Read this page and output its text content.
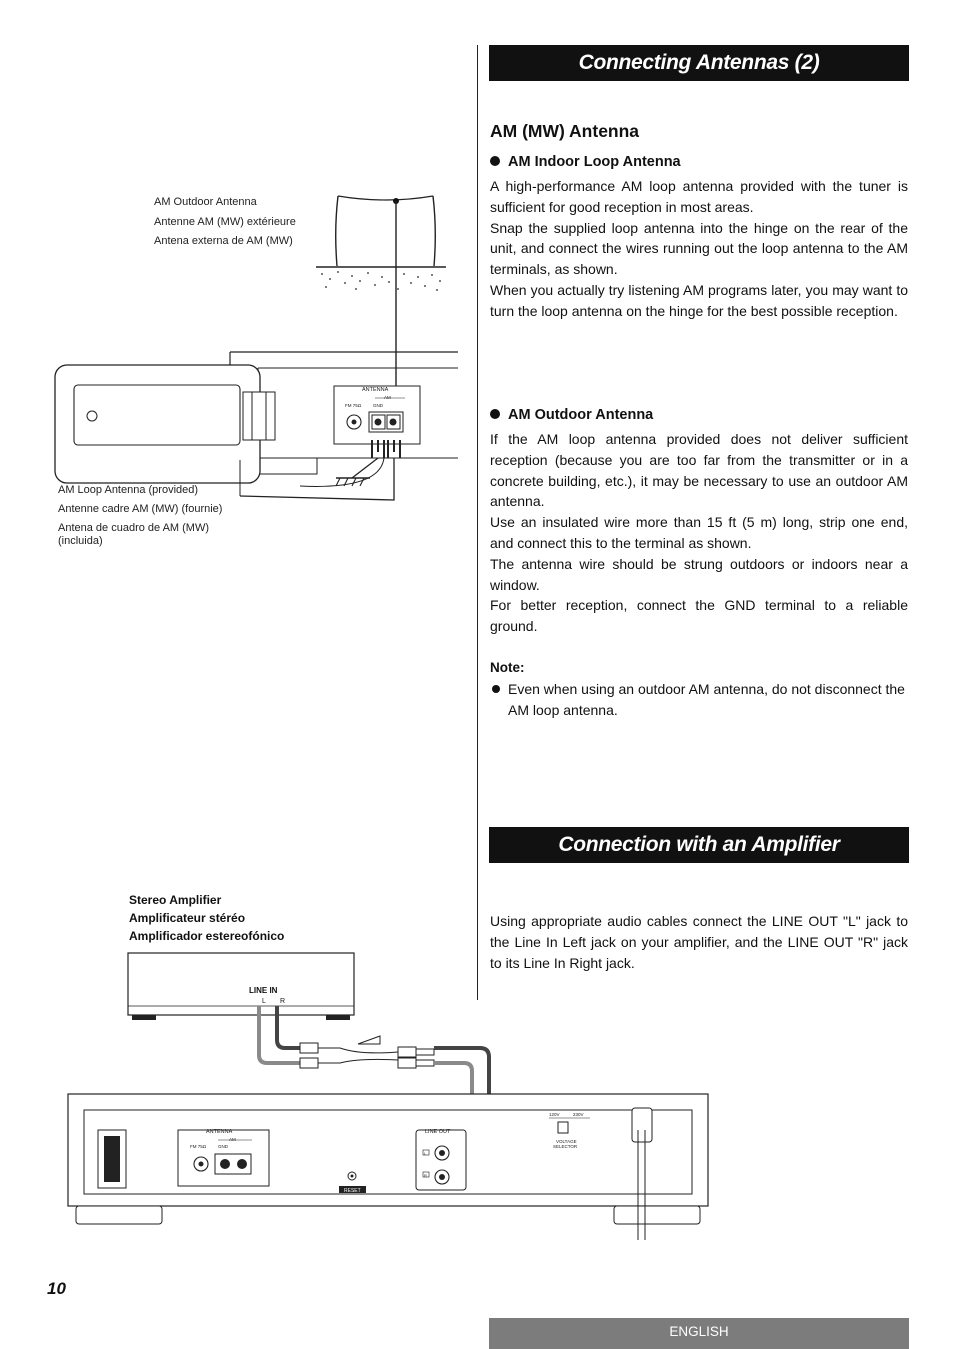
Connecting Antennas (2)
AM (MW) Antenna
AM Indoor Loop Antenna

A high-performance AM loop antenna provided with the tuner is sufficient for good reception in most areas.

Snap the supplied loop antenna into the hinge on the rear of the unit, and connect the wires running out the loop antenna to the AM terminals, as shown.

When you actually try listening AM programs later, you may want to turn the loop antenna on the hinge for the best possible reception.

AM Outdoor Antenna

If the AM loop antenna provided does not deliver sufficient reception (because you are too far from the transmitter or in a concrete building, etc.), it may be necessary to use an outdoor AM antenna.

Use an insulated wire more than 15 ft (5 m) long, strip one end, and connect this to the terminal as shown.

The antenna wire should be strung outdoors or indoors near a window.

For better reception, connect the GND terminal to a reliable ground.

Note:
Even when using an outdoor AM antenna, do not disconnect the AM loop antenna.
Connection with an Amplifier
Using appropriate audio cables connect the LINE OUT "L" jack to the Line In Left jack on your amplifier, and the LINE OUT "R" jack to its Line In Right jack.
AM Outdoor Antenna
Antenne AM (MW) extérieure
Antena externa de AM (MW)
AM Loop Antenna (provided)
Antenne cadre AM (MW) (fournie)
Antena de cuadro de AM (MW)
(incluida)
ANTENNA
AM
FM 75Ω	GND
Stereo Amplifier
Amplificateur stéréo
Amplificador estereofónico
LINE IN
L R
ANTENNA
AM
FM 75Ω	GND
RESET
LINE OUT
L
R
120V	230V
VOLTAGE
SELECTOR
10
ENGLISH
